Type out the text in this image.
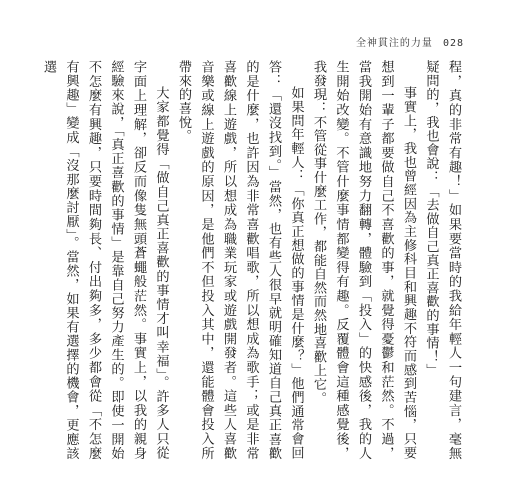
全神貫注的力量 028

程，真的非常有趣！」如果要當時的我給年輕人一句建言，毫無疑問的，我也會說：「去做自己真正喜歡的事情！」

事實上，我也曾經因為主修科目和興趣不符而感到苦惱，只要想到一輩子都要做自己不喜歡的事，就覺得憂鬱和茫然。不過，當我開始有意識地努力翻轉，體驗到「投入」的快感後，我的人生開始改變。不管什麼事情都變得有趣。反覆體會這種感覺後，我發現：不管從事什麼工作，都能自然而然地喜歡上它。

如果問年輕人：「你真正想做的事情是什麼？」他們通常會回答：「還沒找到。」當然，也有些人很早就明確知道自己真正喜歡的是什麼，也許因為非常喜歡唱歌，所以想成為歌手；或是非常喜歡線上遊戲，所以想成為職業玩家或遊戲開發者。這些人喜歡音樂或線上遊戲的原因，是他們不但投入其中，還能體會投入所帶來的喜悅。

大家都覺得「做自己真正喜歡的事情才叫幸福」。許多人只從字面上理解，卻反而像隻無頭蒼蠅般茫然。事實上，以我的親身經驗來說，「真正喜歡的事情」是靠自己努力產生的。即使一開始不怎麼有興趣，只要時間夠長、付出夠多，多少都會從「不怎麼有興趣」變成「沒那麼討厭」。當然，如果有選擇的機會，更應該選
